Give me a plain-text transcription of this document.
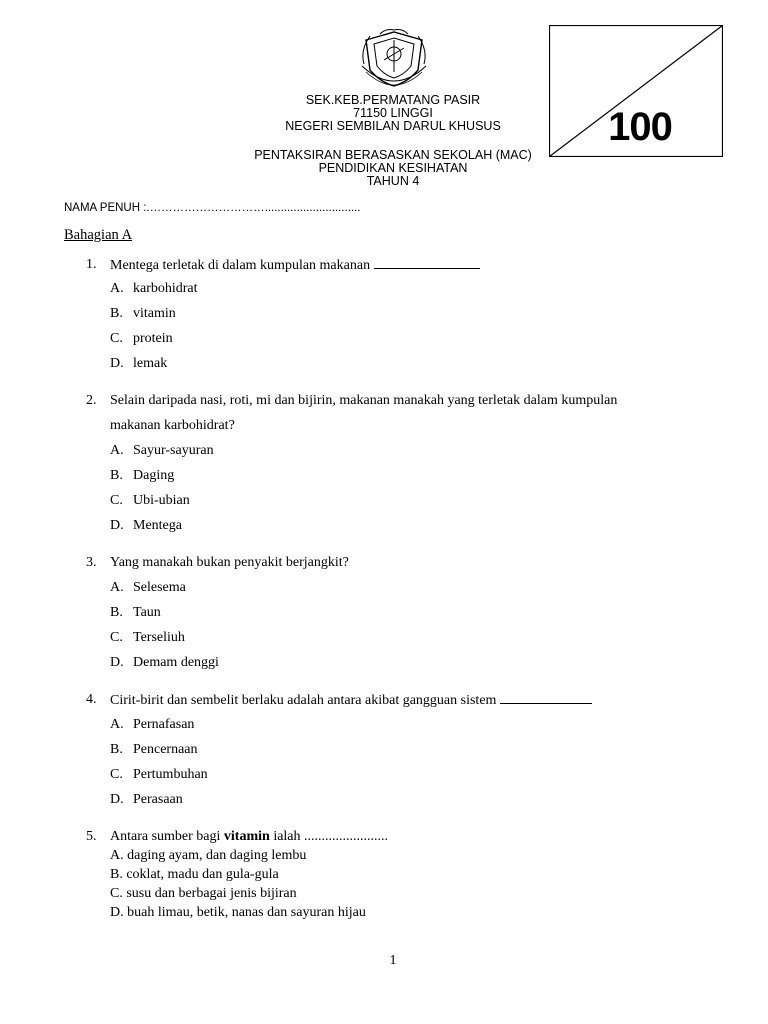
SEK.KEB.PERMATANG PASIR
71150 LINGGI
NEGERI SEMBILAN DARUL KHUSUS
PENTAKSIRAN BERASASKAN SEKOLAH (MAC)
PENDIDIKAN KESIHATAN
TAHUN 4
100
NAMA PENUH :.…………………………..............................
Bahagian A
1. Mentega terletak di dalam kumpulan makanan
A. karbohidrat
B. vitamin
C. protein
D. lemak
2. Selain daripada nasi, roti, mi dan bijirin, makanan manakah yang terletak dalam kumpulan
makanan karbohidrat?
A. Sayur-sayuran
B. Daging
C. Ubi-ubian
D. Mentega
3. Yang manakah bukan penyakit berjangkit?
A. Selesema
B. Taun
C. Terseliuh
D. Demam denggi
4. Cirit-birit dan sembelit berlaku adalah antara akibat gangguan sistem
A. Pernafasan
B. Pencernaan
C. Pertumbuhan
D. Perasaan
5. Antara sumber bagi vitamin ialah ........................
A. daging ayam, dan daging lembu
B. coklat, madu dan gula-gula
C. susu dan berbagai jenis bijiran
D. buah limau, betik, nanas dan sayuran hijau
1
